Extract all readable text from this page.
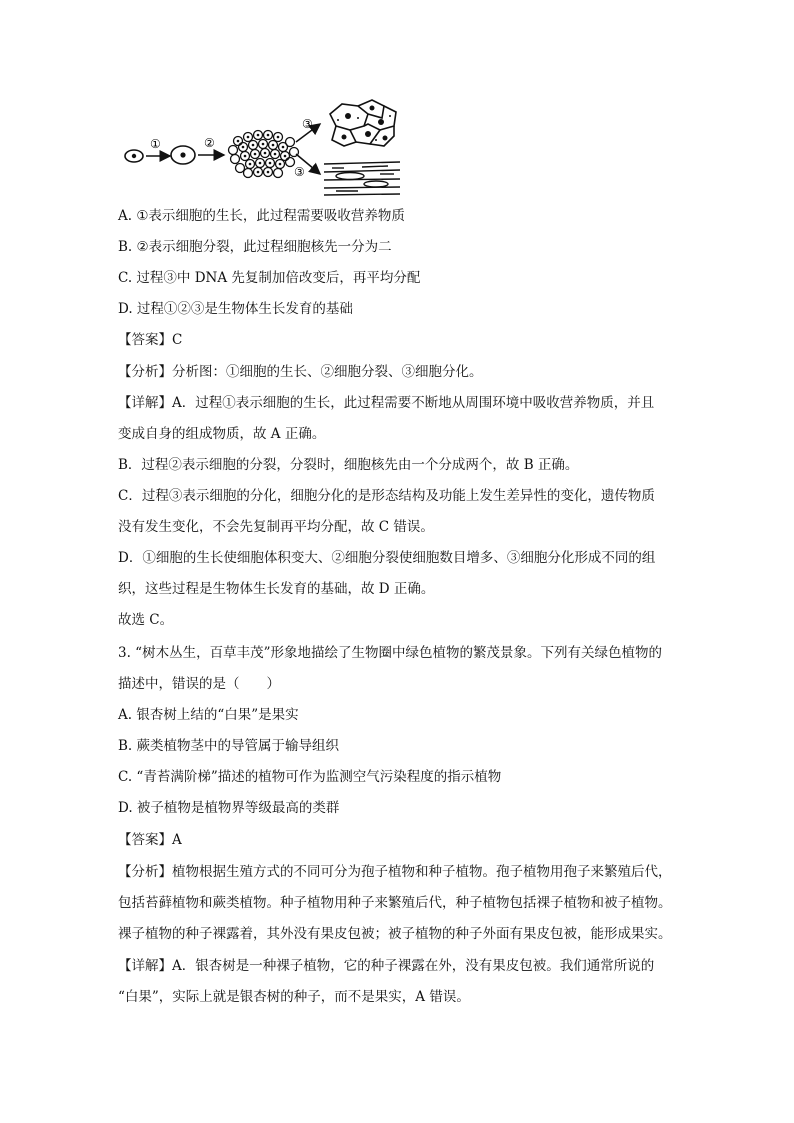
①	②
③
③
A. ①表示细胞的生长，此过程需要吸收营养物质
B. ②表示细胞分裂，此过程细胞核先一分为二
C. 过程③中 DNA 先复制加倍改变后，再平均分配
D. 过程①②③是生物体生长发育的基础
【答案】C
【分析】分析图：①细胞的生长、②细胞分裂、③细胞分化。
【详解】A．过程①表示细胞的生长，此过程需要不断地从周围环境中吸收营养物质，并且
变成自身的组成物质，故 A 正确。
B．过程②表示细胞的分裂，分裂时，细胞核先由一个分成两个，故 B 正确。
C．过程③表示细胞的分化，细胞分化的是形态结构及功能上发生差异性的变化，遗传物质
没有发生变化，不会先复制再平均分配，故 C 错误。
D．①细胞的生长使细胞体积变大、②细胞分裂使细胞数目增多、③细胞分化形成不同的组
织，这些过程是生物体生长发育的基础，故 D 正确。
故选 C。
3. “树木丛生，百草丰茂”形象地描绘了生物圈中绿色植物的繁茂景象。下列有关绿色植物的
描述中，错误的是（　　）
A. 银杏树上结的“白果”是果实
B. 蕨类植物茎中的导管属于输导组织
C. “青苔满阶梯”描述的植物可作为监测空气污染程度的指示植物
D. 被子植物是植物界等级最高的类群
【答案】A
【分析】植物根据生殖方式的不同可分为孢子植物和种子植物。孢子植物用孢子来繁殖后代，
包括苔藓植物和蕨类植物。种子植物用种子来繁殖后代，种子植物包括裸子植物和被子植物。
裸子植物的种子裸露着，其外没有果皮包被；被子植物的种子外面有果皮包被，能形成果实。
【详解】A．银杏树是一种裸子植物，它的种子裸露在外，没有果皮包被。我们通常所说的
“白果”，实际上就是银杏树的种子，而不是果实，A 错误。
